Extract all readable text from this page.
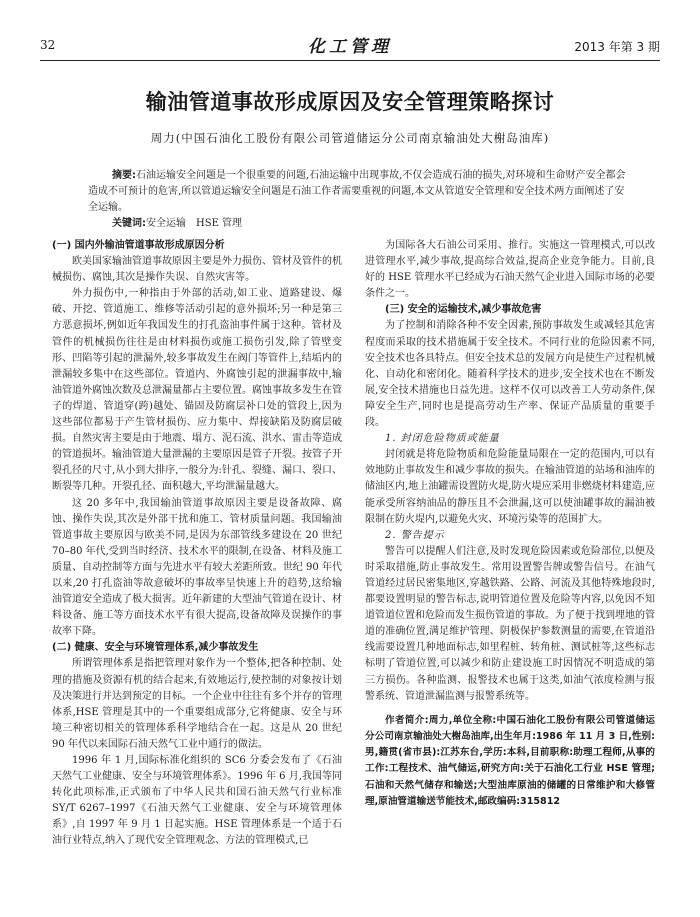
32	化工管理	2013 年第 3 期
输油管道事故形成原因及安全管理策略探讨
周力(中国石油化工股份有限公司管道储运分公司南京输油处大榭岛油库)
摘要:石油运输安全问题是一个很重要的问题,石油运输中出现事故,不仅会造成石油的损失,对环境和生命财产安全都会造成不可预计的危害,所以管道运输安全问题是石油工作者需要重视的问题,本文从管道安全管理和安全技术两方面阐述了安全运输。
关键词:安全运输　HSE 管理
(一) 国内外输油管道事故形成原因分析

欧美国家输油管道事故原因主要是外力损伤、管材及管件的机械损伤、腐蚀,其次是操作失误、自然灾害等。

外力损伤中,一种指由于外部的活动,如工业、道路建设、爆破、开挖、管道施工、维修等活动引起的意外损坏;另一种是第三方恶意损坏,例如近年我国发生的打孔盗油事件属于这种。管材及管件的机械损伤往往是由材料损伤或施工损伤引发,除了管壁变形、凹陷等引起的泄漏外,较多事故发生在阀门等管件上,结垢内的泄漏较多集中在这些部位。管道内、外腐蚀引起的泄漏事故中,输油管道外腐蚀次数及总泄漏量都占主要位置。腐蚀事故多发生在管子的焊道、管道穿(跨)越处、锚固及防腐层补口处的管段上,因为这些部位都易于产生管材损伤、应力集中、焊接缺陷及防腐层破损。自然灾害主要是由于地震、塌方、泥石流、洪水、雷击等造成的管道损坏。输油管道大量泄漏的主要原因是管子开裂。按管子开裂孔径的尺寸,从小到大排序,一般分为:针孔、裂缝、漏口、裂口、断裂等几种。开裂孔径、面积越大,平均泄漏量越大。

这 20 多年中,我国输油管道事故原因主要是设备故障、腐蚀、操作失误,其次是外部干扰和施工、管材质量问题。我国输油管道事故主要原因与欧美不同,是因为东部管线多建设在 20 世纪 70–80 年代,受到当时经济、技术水平的限制,在设备、材料及施工质量、自动控制等方面与先进水平有较大差距所致。世纪 90 年代以来,20 打孔盗油等故意破坏的事故率呈快速上升的趋势,这给输油管道安全造成了极大损害。近年新建的大型油气管道在设计、材料设备、施工等方面技术水平有很大提高,设备故障及误操作的事故率下降。

(二) 健康、安全与环境管理体系,减少事故发生

所谓管理体系是指把管理对象作为一个整体,把各种控制、处理的措施及资源有机的结合起来,有效地运行,使控制的对象按计划及决策进行并达到预定的目标。一个企业中往往有多个并存的管理体系,HSE 管理是其中的一个重要组成部分,它将健康、安全与环境三种密切相关的管理体系科学地结合在一起。这是从 20 世纪 90 年代以来国际石油天然气工业中通行的做法。

1996 年 1 月,国际标准化组织的 SC6 分委会发布了《石油天然气工业健康、安全与环境管理体系》。1996 年 6 月,我国等同转化此项标准,正式颁布了中华人民共和国石油天然气行业标准 SY/T 6267–1997《石油天然气工业健康、安全与环境管理体系》,自 1997 年 9 月 1 日起实施。HSE 管理体系是一个适于石油行业特点,纳入了现代安全管理观念、方法的管理模式,已

为国际各大石油公司采用、推行。实施这一管理模式,可以改进管理水平,减少事故,提高综合效益,提高企业竞争能力。目前,良好的 HSE 管理水平已经成为石油天然气企业进入国际市场的必要条件之一。

(三) 安全的运输技术,减少事故危害

为了控制和消除各种不安全因素,预防事故发生或减轻其危害程度而采取的技术措施属于安全技术。不同行业的危险因素不同,安全技术也各具特点。但安全技术总的发展方向是使生产过程机械化、自动化和密闭化。随着科学技术的进步,安全技术也在不断发展,安全技术措施也日益先进。这样不仅可以改善工人劳动条件,保障安全生产,同时也是提高劳动生产率、保证产品质量的重要手段。

1. 封闭危险物质或能量

封闭就是将危险物质和危险能量局限在一定的范围内,可以有效地防止事故发生和减少事故的损失。在输油管道的站场和油库的储油区内,地上油罐需设置防火堤,防火堤应采用非燃烧材料建造,应能承受所容纳油品的静压且不会泄漏,这可以使油罐事故的漏油被限制在防火堤内,以避免火灾、环境污染等的范围扩大。

2. 警告提示

警告可以提醒人们注意,及时发现危险因素或危险部位,以便及时采取措施,防止事故发生。常用设置警告牌或警告信号。在油气管道经过居民密集地区,穿越铁路、公路、河流及其他特殊地段时,都要设置明显的警告标志,说明管道位置及危险等内容,以免因不知道管道位置和危险而发生损伤管道的事故。为了便于找到埋地的管道的准确位置,满足维护管理、阴极保护参数测量的需要,在管道沿线需要设置几种地面标志,如里程桩、转角桩、测试桩等,这些标志标明了管道位置,可以减少和防止建设施工时因情况不明造成的第三方损伤。各种监测、报警技术也属于这类,如油气浓度检测与报警系统、管道泄漏监测与报警系统等。

作者简介:周力,单位全称:中国石油化工股份有限公司管道储运分公司南京输油处大榭岛油库,出生年月:1986 年 11 月 3 日,性别:男,籍贯(省市县):江苏东台,学历:本科,目前职称:助理工程师,从事的工作:工程技术、油气储运,研究方向:关于石油化工行业 HSE 管理;石油和天然气储存和输送;大型油库原油的储罐的日常维护和大修管理,原油管道输送节能技术,邮政编码:315812
